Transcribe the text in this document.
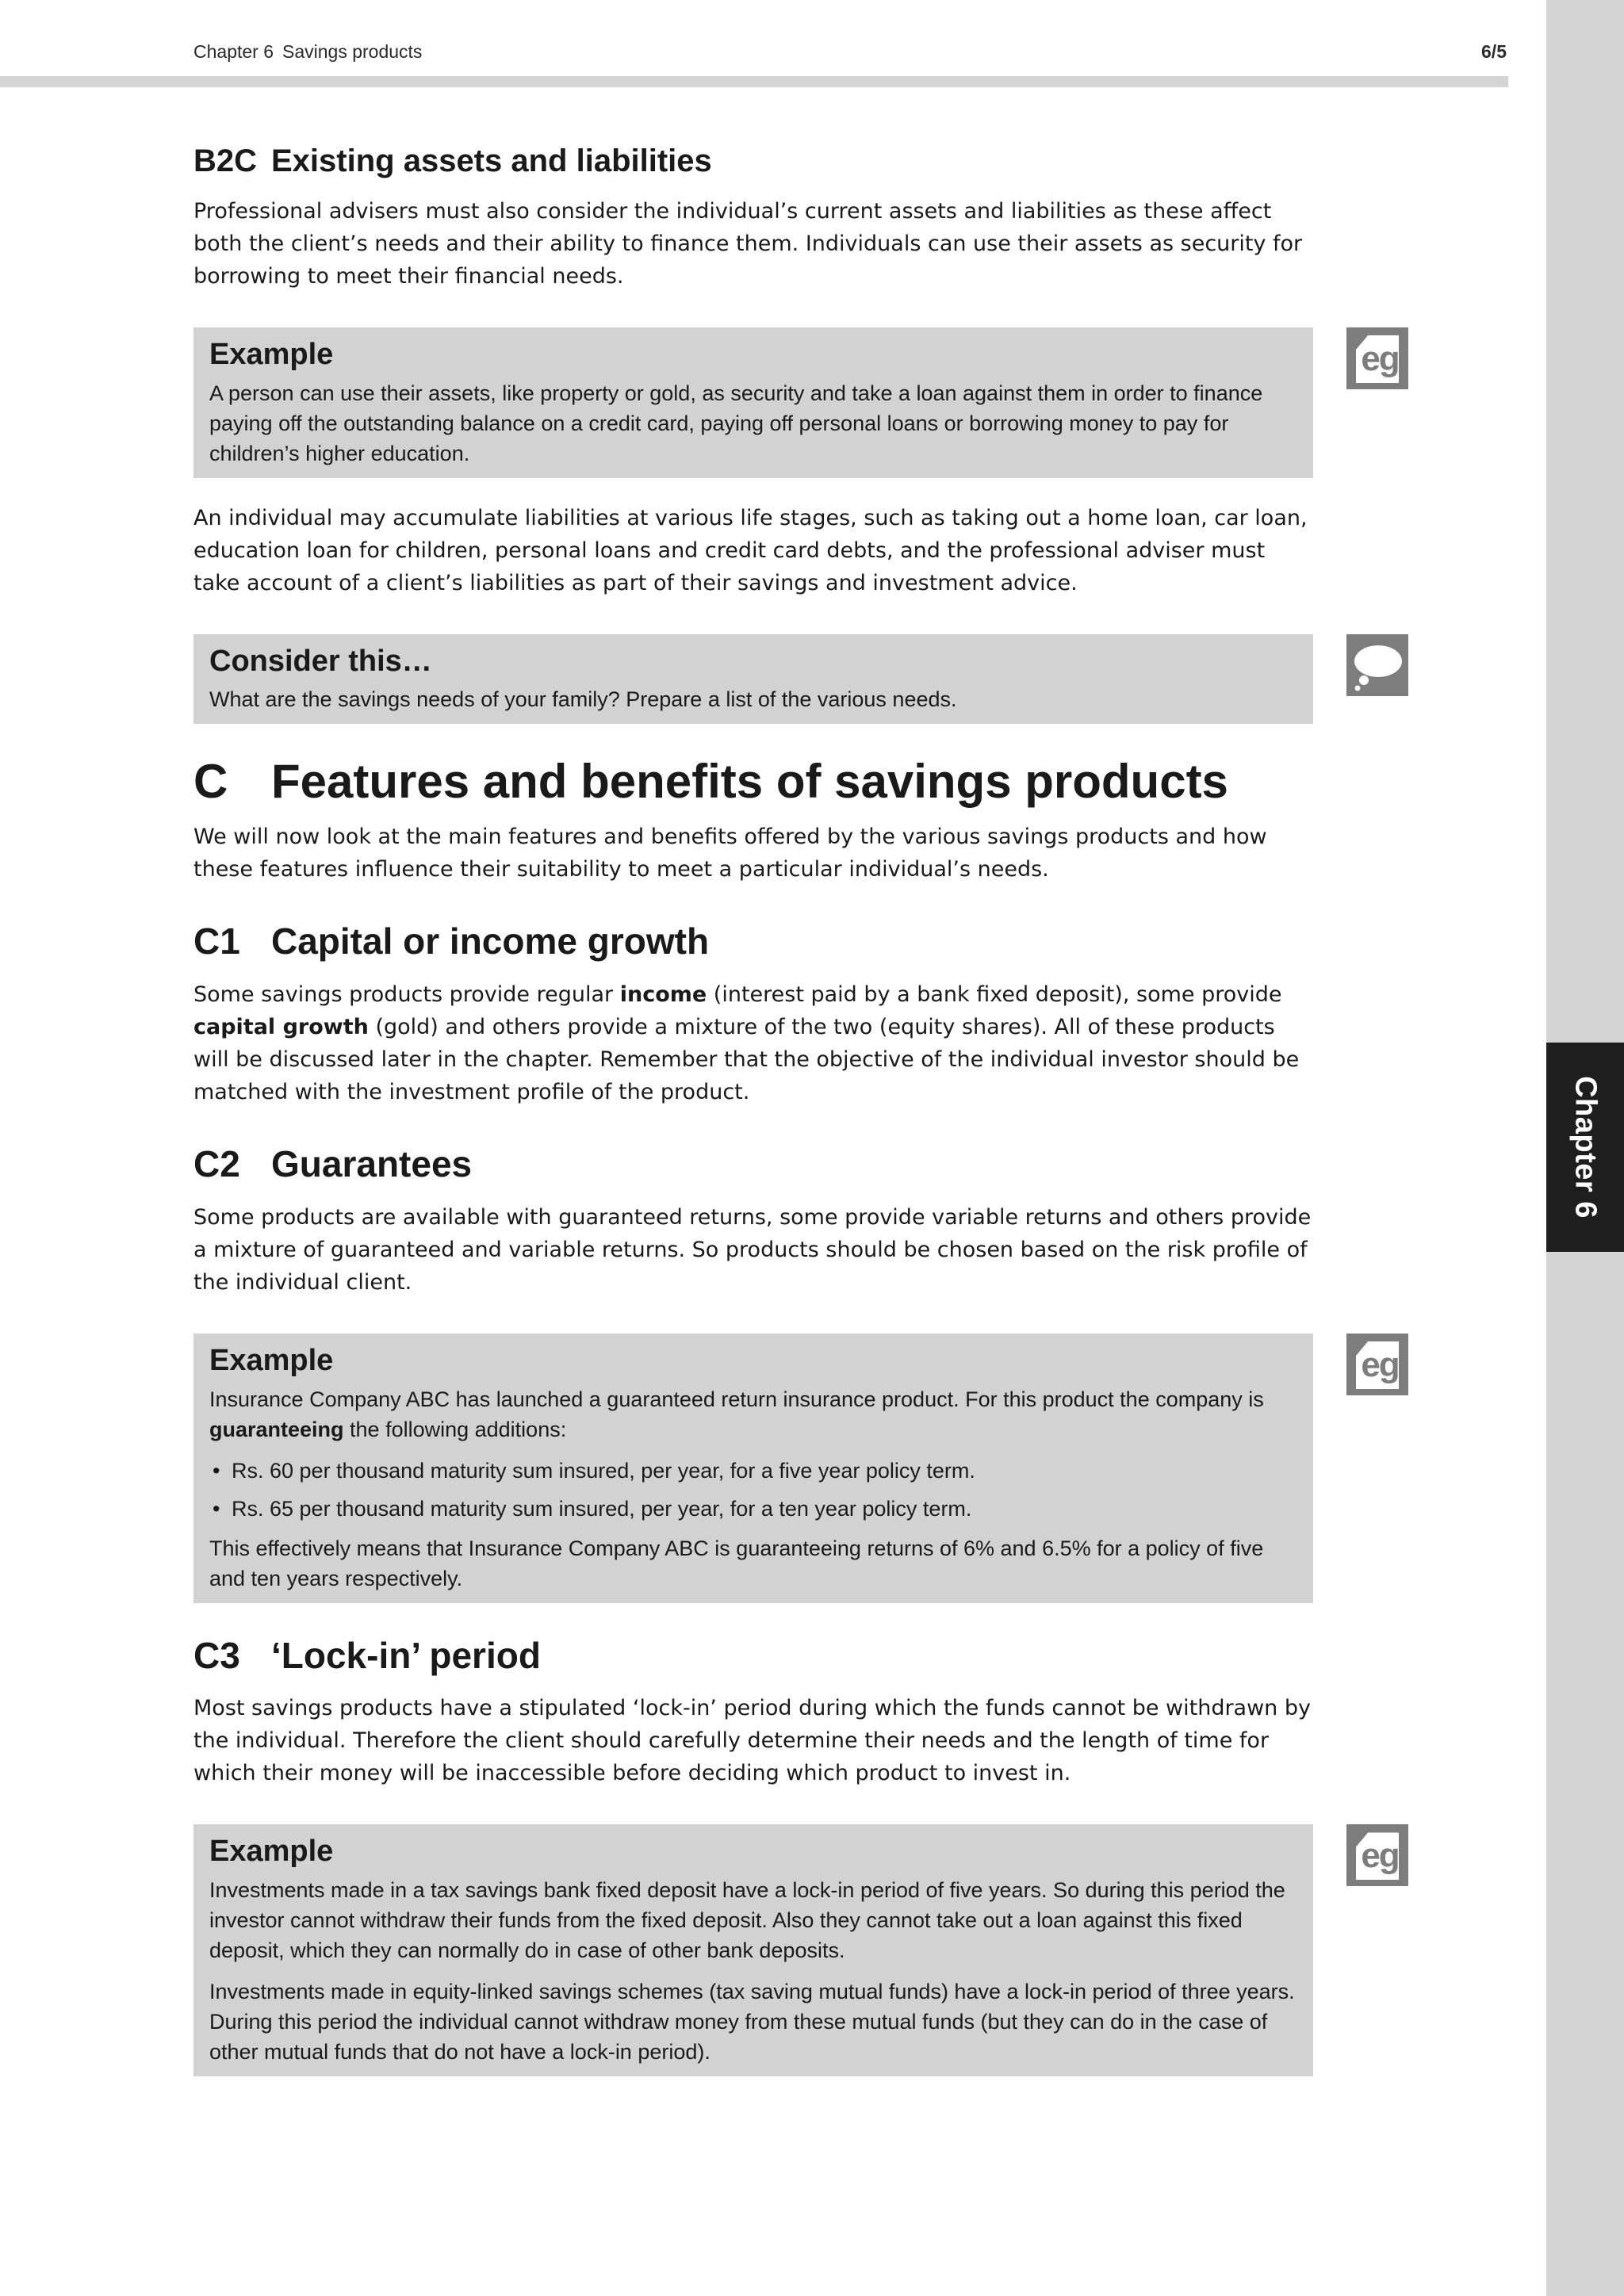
Chapter 6
Chapter 6 Savings products	6/5
B2C Existing assets and liabilities

Professional advisers must also consider the individual’s current assets and liabilities as these affect both the client’s needs and their ability to finance them. Individuals can use their assets as security for borrowing to meet their financial needs.

eg
Example

A person can use their assets, like property or gold, as security and take a loan against them in order to finance paying off the outstanding balance on a credit card, paying off personal loans or borrowing money to pay for children’s higher education.

An individual may accumulate liabilities at various life stages, such as taking out a home loan, car loan, education loan for children, personal loans and credit card debts, and the professional adviser must take account of a client’s liabilities as part of their savings and investment advice.

Consider this…

What are the savings needs of your family? Prepare a list of the various needs.

C Features and benefits of savings products

We will now look at the main features and benefits offered by the various savings products and how these features influence their suitability to meet a particular individual’s needs.

C1 Capital or income growth

Some savings products provide regular income (interest paid by a bank fixed deposit), some provide capital growth (gold) and others provide a mixture of the two (equity shares). All of these products will be discussed later in the chapter. Remember that the objective of the individual investor should be matched with the investment profile of the product.

C2 Guarantees

Some products are available with guaranteed returns, some provide variable returns and others provide a mixture of guaranteed and variable returns. So products should be chosen based on the risk profile of the individual client.

eg
Example

Insurance Company ABC has launched a guaranteed return insurance product. For this product the company is guaranteeing the following additions:

• Rs. 60 per thousand maturity sum insured, per year, for a five year policy term.
• Rs. 65 per thousand maturity sum insured, per year, for a ten year policy term.

This effectively means that Insurance Company ABC is guaranteeing returns of 6% and 6.5% for a policy of five and ten years respectively.

C3 ‘Lock-in’ period

Most savings products have a stipulated ‘lock-in’ period during which the funds cannot be withdrawn by the individual. Therefore the client should carefully determine their needs and the length of time for which their money will be inaccessible before deciding which product to invest in.

eg
Example

Investments made in a tax savings bank fixed deposit have a lock-in period of five years. So during this period the investor cannot withdraw their funds from the fixed deposit. Also they cannot take out a loan against this fixed deposit, which they can normally do in case of other bank deposits.

Investments made in equity-linked savings schemes (tax saving mutual funds) have a lock-in period of three years. During this period the individual cannot withdraw money from these mutual funds (but they can do in the case of other mutual funds that do not have a lock-in period).
